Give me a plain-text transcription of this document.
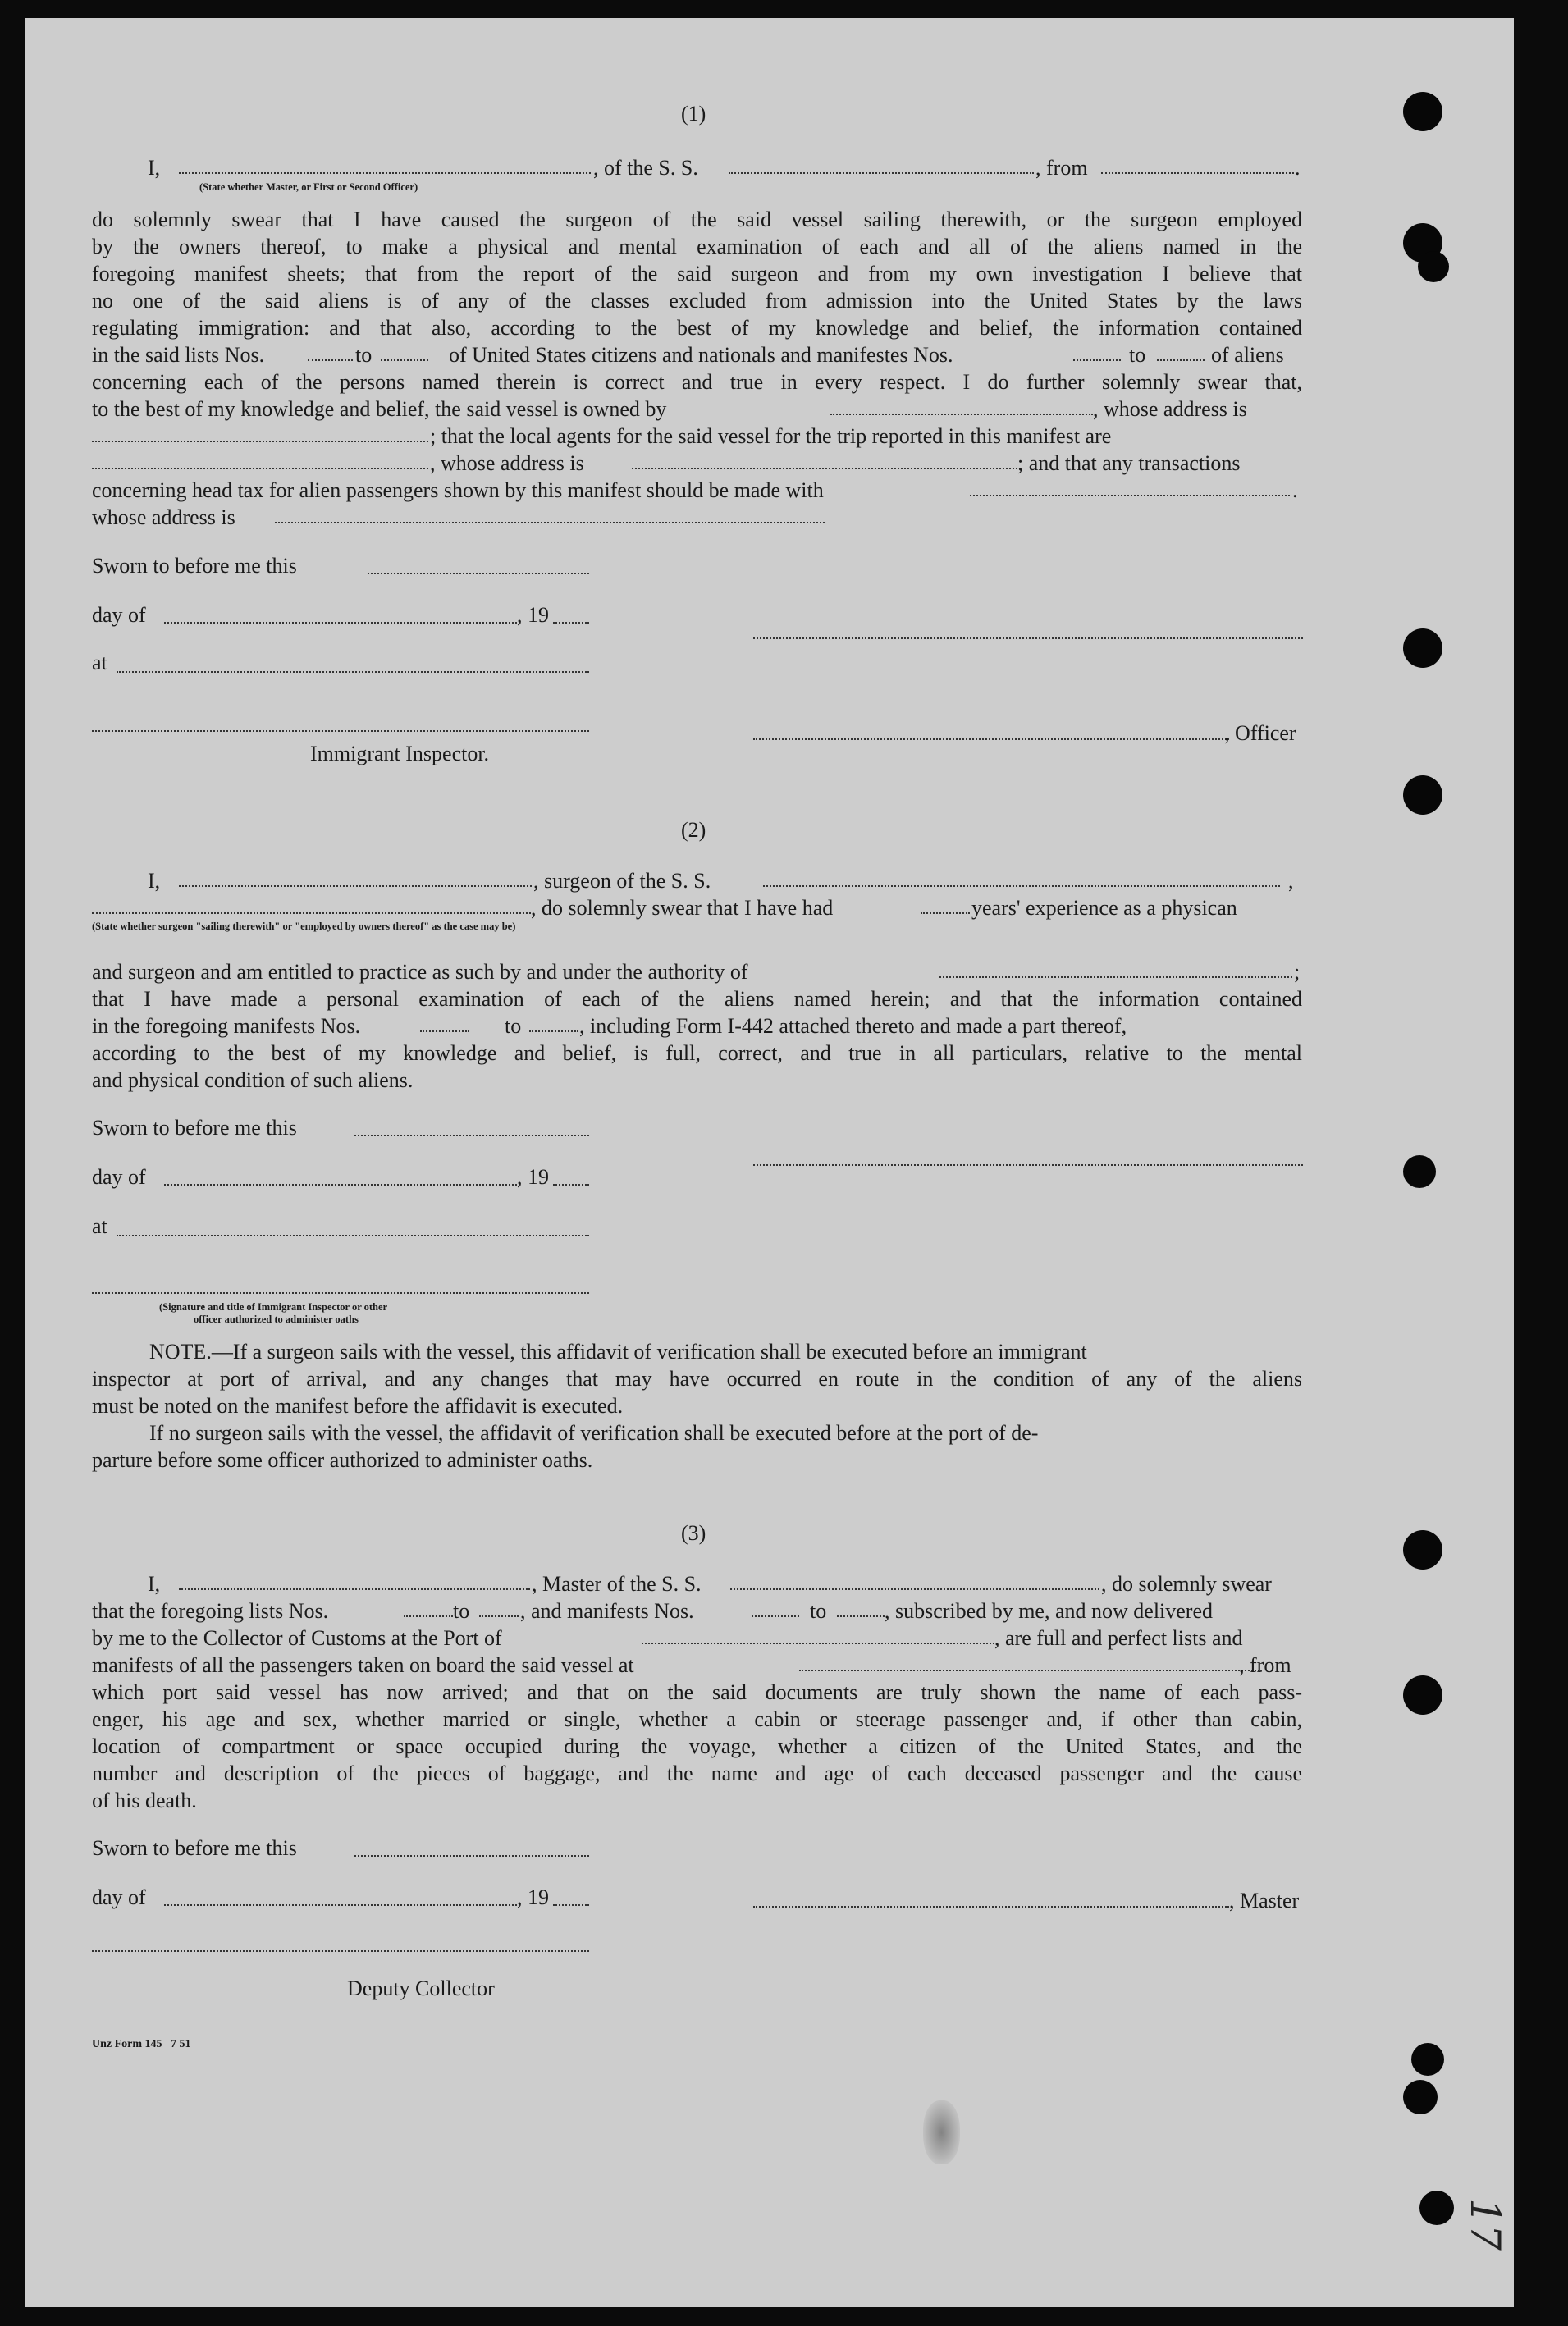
(1)
I,	, of the S. S.	, from	.
(State whether Master, or First or Second Officer)
do solemnly swear that I have caused the surgeon of the said vessel sailing therewith, or the surgeon employed
by the owners thereof, to make a physical and mental examination of each and all of the aliens named in the
foregoing manifest sheets; that from the report of the said surgeon and from my own investigation I believe that
no one of the said aliens is of any of the classes excluded from admission into the United States by the laws
regulating immigration: and that also, according to the best of my knowledge and belief, the information contained
in the said lists Nos.	to	of United States citizens and nationals and manifestes Nos.	to	of aliens
concerning each of the persons named therein is correct and true in every respect. I do further solemnly swear that,
to the best of my knowledge and belief, the said vessel is owned by	, whose address is
; that the local agents for the said vessel for the trip reported in this manifest are
, whose address is	; and that any transactions
concerning head tax for alien passengers shown by this manifest should be made with	.
whose address is
Sworn to before me this
day of	, 19
at
, Officer
Immigrant Inspector.
(2)
I,	, surgeon of the S. S.	,
, do solemnly swear that I have had	years' experience as a physican
(State whether surgeon "sailing therewith" or "employed by owners thereof" as the case may be)
and surgeon and am entitled to practice as such by and under the authority of	;
that I have made a personal examination of each of the aliens named herein; and that the information contained
in the foregoing manifests Nos.	to	, including Form I-442 attached thereto and made a part thereof,
according to the best of my knowledge and belief, is full, correct, and true in all particulars, relative to the mental
and physical condition of such aliens.
Sworn to before me this
day of	, 19
at
(Signature and title of Immigrant Inspector or other
officer authorized to administer oaths
NOTE.—If a surgeon sails with the vessel, this affidavit of verification shall be executed before an immigrant
inspector at port of arrival, and any changes that may have occurred en route in the condition of any of the aliens
must be noted on the manifest before the affidavit is executed.
If no surgeon sails with the vessel, the affidavit of verification shall be executed before at the port of de-
parture before some officer authorized to administer oaths.
(3)
I,	, Master of the S. S.	, do solemnly swear
that the foregoing lists Nos.	to , and manifests Nos.	to	, subscribed by me, and now delivered
by me to the Collector of Customs at the Port of	, are full and perfect lists and
manifests of all the passengers taken on board the said vessel at	, from
which port said vessel has now arrived; and that on the said documents are truly shown the name of each pass-
enger, his age and sex, whether married or single, whether a cabin or steerage passenger and, if other than cabin,
location of compartment or space occupied during the voyage, whether a citizen of the United States, and the
number and description of the pieces of baggage, and the name and age of each deceased passenger and the cause
of his death.
Sworn to before me this
day of	, 19	, Master
Deputy Collector
Unz Form 145   7 51
17
